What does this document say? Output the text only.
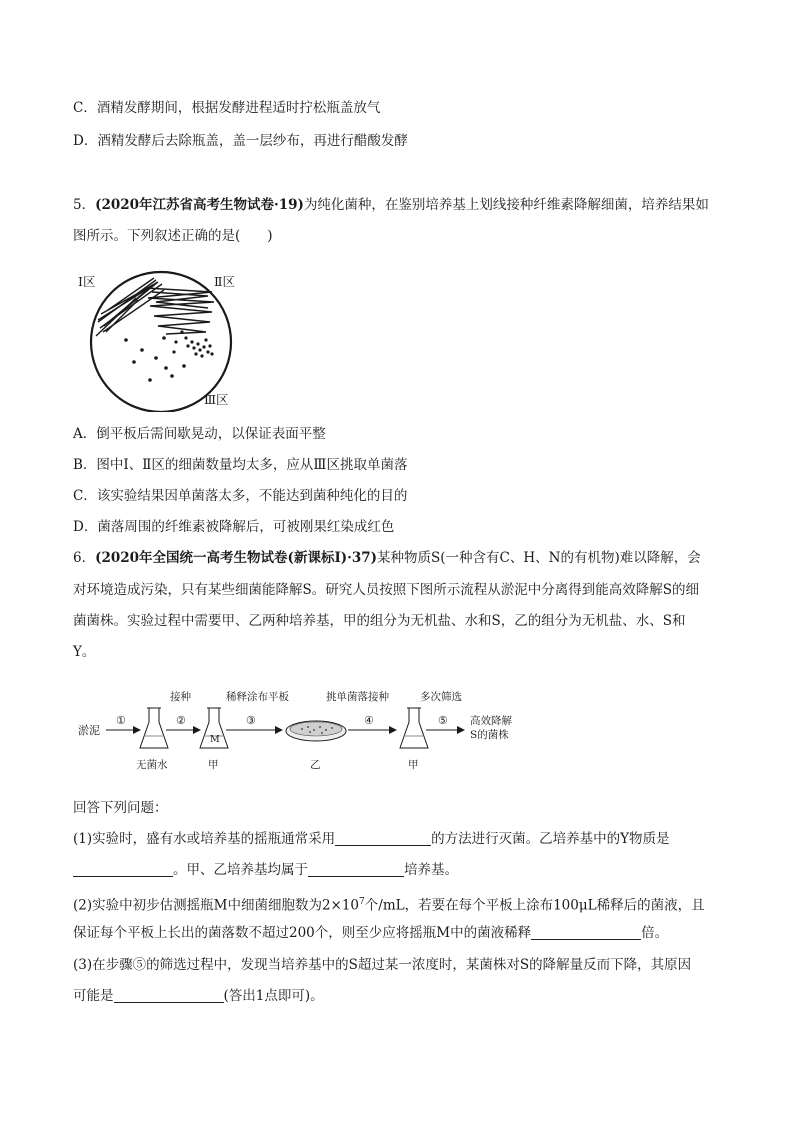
C．酒精发酵期间，根据发酵进程适时拧松瓶盖放气
D．酒精发酵后去除瓶盖，盖一层纱布，再进行醋酸发酵
5．(2020年江苏省高考生物试卷·19)为纯化菌种，在鉴别培养基上划线接种纤维素降解细菌，培养结果如
图所示。下列叙述正确的是(　　)
Ⅰ区	Ⅱ区
Ⅲ区
A．倒平板后需间歇晃动，以保证表面平整
B．图中Ⅰ、Ⅱ区的细菌数量均太多，应从Ⅲ区挑取单菌落
C．该实验结果因单菌落太多，不能达到菌种纯化的目的
D．菌落周围的纤维素被降解后，可被刚果红染成红色
6．(2020年全国统一高考生物试卷(新课标Ⅰ)·37)某种物质S(一种含有C、H、N的有机物)难以降解，会
对环境造成污染，只有某些细菌能降解S。研究人员按照下图所示流程从淤泥中分离得到能高效降解S的细
菌菌株。实验过程中需要甲、乙两种培养基，甲的组分为无机盐、水和S，乙的组分为无机盐、水、S和
Y。
淤泥
①	②	③	④	⑤
接种	稀释涂布平板	挑单菌落接种	多次筛选
M
无菌水	甲	乙	甲
高效降解
S的菌株
回答下列问题：
(1)实验时，盛有水或培养基的摇瓶通常采用	的方法进行灭菌。乙培养基中的Y物质是
。甲、乙培养基均属于	培养基。
(2)实验中初步估测摇瓶M中细菌细胞数为$2\times 10^7$个/mL，若要在每个平板上涂布100μL稀释后的菌液，且
保证每个平板上长出的菌落数不超过200个，则至少应将摇瓶M中的菌液稀释	倍。
(3)在步骤⑤的筛选过程中，发现当培养基中的S超过某一浓度时，某菌株对S的降解量反而下降，其原因
可能是	(答出1点即可)。
